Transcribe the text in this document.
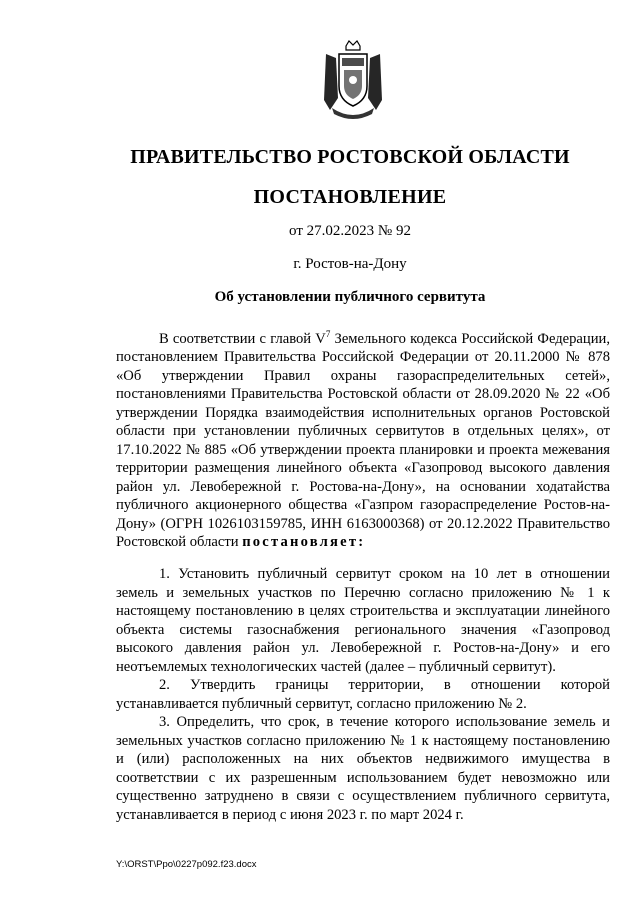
ПРАВИТЕЛЬСТВО РОСТОВСКОЙ ОБЛАСТИ
ПОСТАНОВЛЕНИЕ
от 27.02.2023 № 92
г. Ростов-на-Дону
Об установлении публичного сервитута

В соответствии с главой $V^7$ Земельного кодекса Российской Федерации, постановлением Правительства Российской Федерации от 20.11.2000 № 878 «Об утверждении Правил охраны газораспределительных сетей», постановлениями Правительства Ростовской области от 28.09.2020 № 22 «Об утверждении Порядка взаимодействия исполнительных органов Ростовской области при установлении публичных сервитутов в отдельных целях», от 17.10.2022 № 885 «Об утверждении проекта планировки и проекта межевания территории размещения линейного объекта «Газопровод высокого давления район ул. Левобережной г. Ростова-на-Дону», на основании ходатайства публичного акционерного общества «Газпром газораспределение Ростов-на-Дону» (ОГРН 1026103159785, ИНН 6163000368) от 20.12.2022 Правительство Ростовской области постановляет:

1. Установить публичный сервитут сроком на 10 лет в отношении земель и земельных участков по Перечню согласно приложению № 1 к настоящему постановлению в целях строительства и эксплуатации линейного объекта системы газоснабжения регионального значения «Газопровод высокого давления район ул. Левобережной г. Ростов-на-Дону» и его неотъемлемых технологических частей (далее – публичный сервитут).

2. Утвердить границы территории, в отношении которой устанавливается публичный сервитут, согласно приложению № 2.

3. Определить, что срок, в течение которого использование земель и земельных участков согласно приложению № 1 к настоящему постановлению и (или) расположенных на них объектов недвижимого имущества в соответствии с их разрешенным использованием будет невозможно или существенно затруднено в связи с осуществлением публичного сервитута, устанавливается в период с июня 2023 г. по март 2024 г.

Y:\ORST\Ppo\0227p092.f23.docx
